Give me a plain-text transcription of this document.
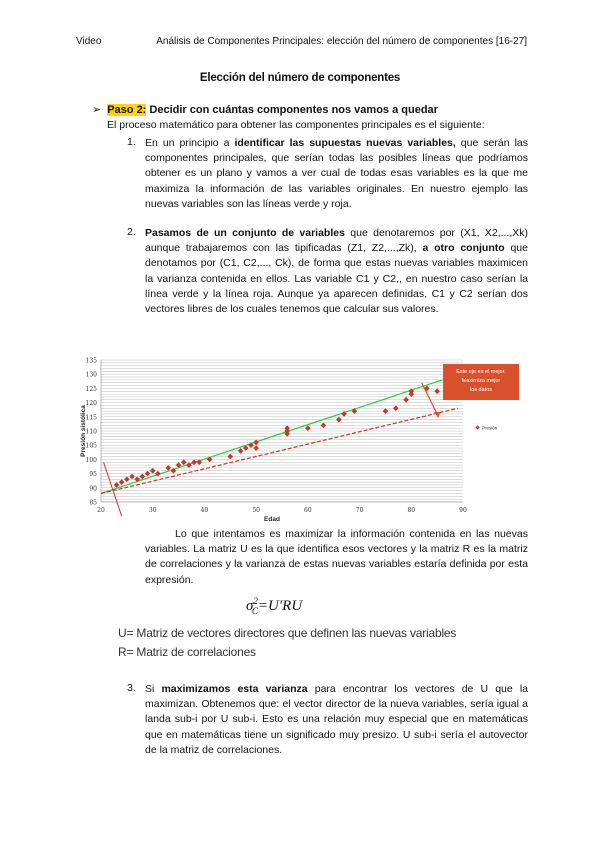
Video	Análisis de Componentes Principales: elección del número de componentes [16-27]
Elección del número de componentes
➢ Paso 2: Decidir con cuántas componentes nos vamos a quedar
El proceso matemático para obtener las componentes principales es el siguiente:
1. En un principio a identificar las supuestas nuevas variables, que serán las componentes principales, que serían todas las posibles líneas que podríamos obtener es un plano y vamos a ver cual de todas esas variables es la que me maximiza la información de las variables originales. En nuestro ejemplo las nuevas variables son las líneas verde y roja.

2. Pasamos de un conjunto de variables que denotaremos por (X1, X2,...,Xk) aunque trabajaremos con las tipificadas (Z1, Z2,...,Zk), a otro conjunto que denotamos por (C1, C2,..., Ck), de forma que estas nuevas variables maximicen la varianza contenida en ellos. Las variable C1 y C2,, en nuestro caso serían la línea verde y la línea roja. Aunque ya aparecen definidas, C1 y C2 serían dos vectores libres de los cuales tenemos que calcular sus valores.

85
90
95
100
105
110
115
120
125
130
135
20	30	40	50	60	70	80	90
Edad
Presión sistólica
Este eje es el mejor.
Maximiza mejor
los datos
Presión

Lo que intentamos es maximizar la información contenida en las nuevas variables. La matriz U es la que identifica esos vectores y la matriz R es la matriz de correlaciones y la varianza de estas nuevas variables estaría definida por esta expresión.

$\sigma^2_C=U'RU$
U= Matriz de vectores directores que definen las nuevas variables
R= Matriz de correlaciones
3. Si maximizamos esta varianza para encontrar los vectores de U que la maximizan. Obtenemos que: el vector director de la nueva variables, sería igual a landa sub-i por U sub-i. Esto es una relación muy especial que en matemáticas que en matemáticas tiene un significado muy presizo. U sub-i sería el autovector de la matriz de correlaciones.
